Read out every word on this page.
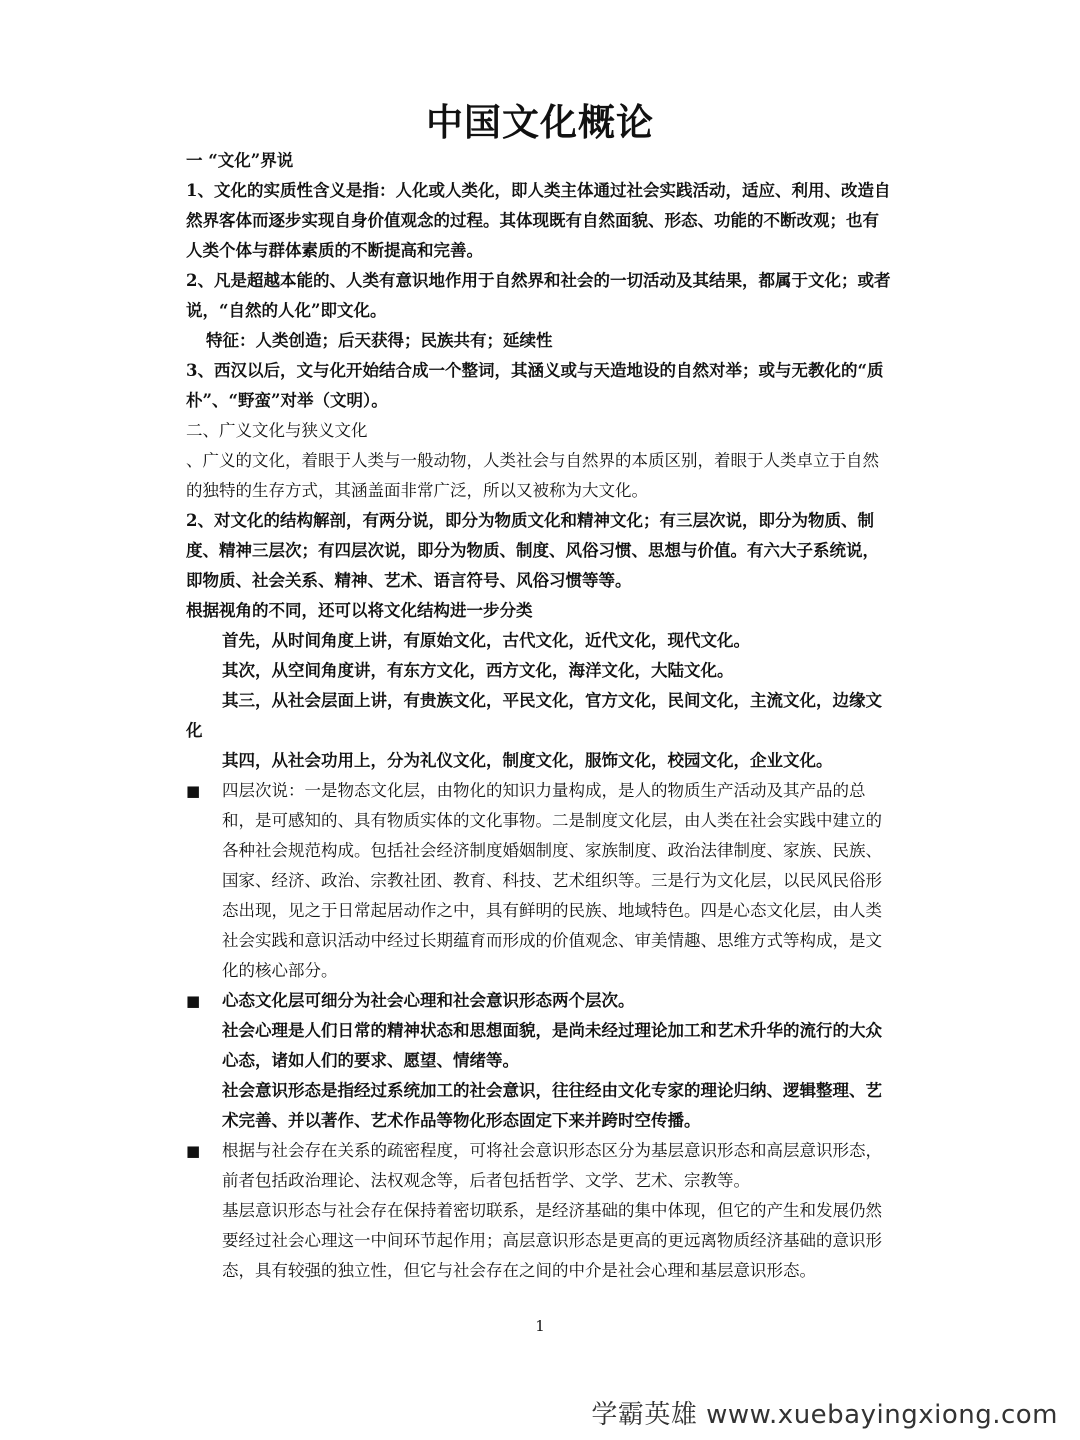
中国文化概论

一 “文化”界说

1、文化的实质性含义是指：人化或人类化，即人类主体通过社会实践活动，适应、利用、改造自然界客体而逐步实现自身价值观念的过程。其体现既有自然面貌、形态、功能的不断改观；也有人类个体与群体素质的不断提高和完善。

2、凡是超越本能的、人类有意识地作用于自然界和社会的一切活动及其结果，都属于文化；或者说，“自然的人化”即文化。

特征：人类创造；后天获得；民族共有；延续性

3、西汉以后，文与化开始结合成一个整词，其涵义或与天造地设的自然对举；或与无教化的“质朴”、“野蛮”对举（文明）。

二、广义文化与狭义文化

、广义的文化，着眼于人类与一般动物，人类社会与自然界的本质区别，着眼于人类卓立于自然的独特的生存方式，其涵盖面非常广泛，所以又被称为大文化。

2、对文化的结构解剖，有两分说，即分为物质文化和精神文化；有三层次说，即分为物质、制度、精神三层次；有四层次说，即分为物质、制度、风俗习惯、思想与价值。有六大子系统说，即物质、社会关系、精神、艺术、语言符号、风俗习惯等等。

根据视角的不同，还可以将文化结构进一步分类

首先，从时间角度上讲，有原始文化，古代文化，近代文化，现代文化。

其次，从空间角度讲，有东方文化，西方文化，海洋文化，大陆文化。

其三，从社会层面上讲，有贵族文化，平民文化，官方文化，民间文化，主流文化，边缘文化

其四，从社会功用上，分为礼仪文化，制度文化，服饰文化，校园文化，企业文化。

■ 四层次说：一是物态文化层，由物化的知识力量构成，是人的物质生产活动及其产品的总和，是可感知的、具有物质实体的文化事物。二是制度文化层，由人类在社会实践中建立的各种社会规范构成。包括社会经济制度婚姻制度、家族制度、政治法律制度、家族、民族、国家、经济、政治、宗教社团、教育、科技、艺术组织等。三是行为文化层，以民风民俗形态出现，见之于日常起居动作之中，具有鲜明的民族、地域特色。四是心态文化层，由人类社会实践和意识活动中经过长期蕴育而形成的价值观念、审美情趣、思维方式等构成，是文化的核心部分。

■ 心态文化层可细分为社会心理和社会意识形态两个层次。

社会心理是人们日常的精神状态和思想面貌，是尚未经过理论加工和艺术升华的流行的大众心态，诸如人们的要求、愿望、情绪等。

社会意识形态是指经过系统加工的社会意识，往往经由文化专家的理论归纳、逻辑整理、艺术完善、并以著作、艺术作品等物化形态固定下来并跨时空传播。

■ 根据与社会存在关系的疏密程度，可将社会意识形态区分为基层意识形态和高层意识形态，前者包括政治理论、法权观念等，后者包括哲学、文学、艺术、宗教等。

基层意识形态与社会存在保持着密切联系，是经济基础的集中体现，但它的产生和发展仍然要经过社会心理这一中间环节起作用；高层意识形态是更高的更远离物质经济基础的意识形态，具有较强的独立性，但它与社会存在之间的中介是社会心理和基层意识形态。

1
学霸英雄 www.xuebayingxiong.com
